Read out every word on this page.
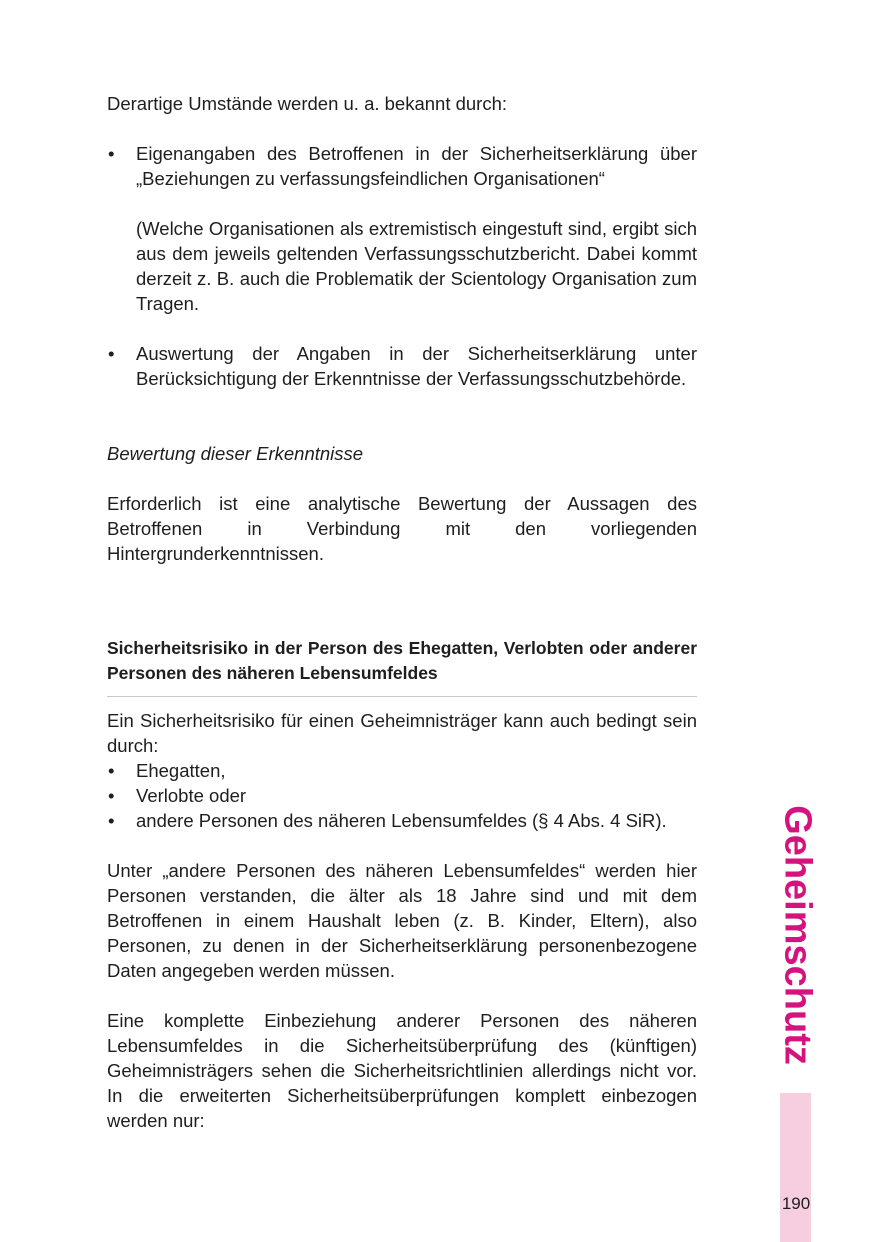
Derartige Umstände werden u. a. bekannt durch:

• Eigenangaben des Betroffenen in der Sicherheitserklärung über „Beziehungen zu verfassungsfeindlichen Organisationen“

(Welche Organisationen als extremistisch eingestuft sind, ergibt sich aus dem jeweils geltenden Verfassungsschutzbericht. Dabei kommt derzeit z. B. auch die Problematik der Scientology Organisation zum Tragen.

• Auswertung der Angaben in der Sicherheitserklärung unter Berücksichtigung der Erkenntnisse der Verfassungsschutzbehörde.

Bewertung dieser Erkenntnisse

Erforderlich ist eine analytische Bewertung der Aussagen des Betroffenen in Verbindung mit den vorliegenden Hintergrunderkenntnissen.

Sicherheitsrisiko in der Person des Ehegatten, Verlobten oder anderer Personen des näheren Lebensumfeldes

Ein Sicherheitsrisiko für einen Geheimnisträger kann auch bedingt sein durch:

• Ehegatten,
• Verlobte oder
• andere Personen des näheren Lebensumfeldes (§ 4 Abs. 4 SiR).

Unter „andere Personen des näheren Lebensumfeldes“ werden hier Personen verstanden, die älter als 18 Jahre sind und mit dem Betroffenen in einem Haushalt leben (z. B. Kinder, Eltern), also Personen, zu denen in der Sicherheitserklärung personenbezogene Daten angegeben werden müssen.

Eine komplette Einbeziehung anderer Personen des näheren Lebensumfeldes in die Sicherheitsüberprüfung des (künftigen) Geheimnisträgers sehen die Sicherheitsrichtlinien allerdings nicht vor. In die erweiterten Sicherheitsüberprüfungen komplett einbezogen werden nur:

Geheimschutz
190
